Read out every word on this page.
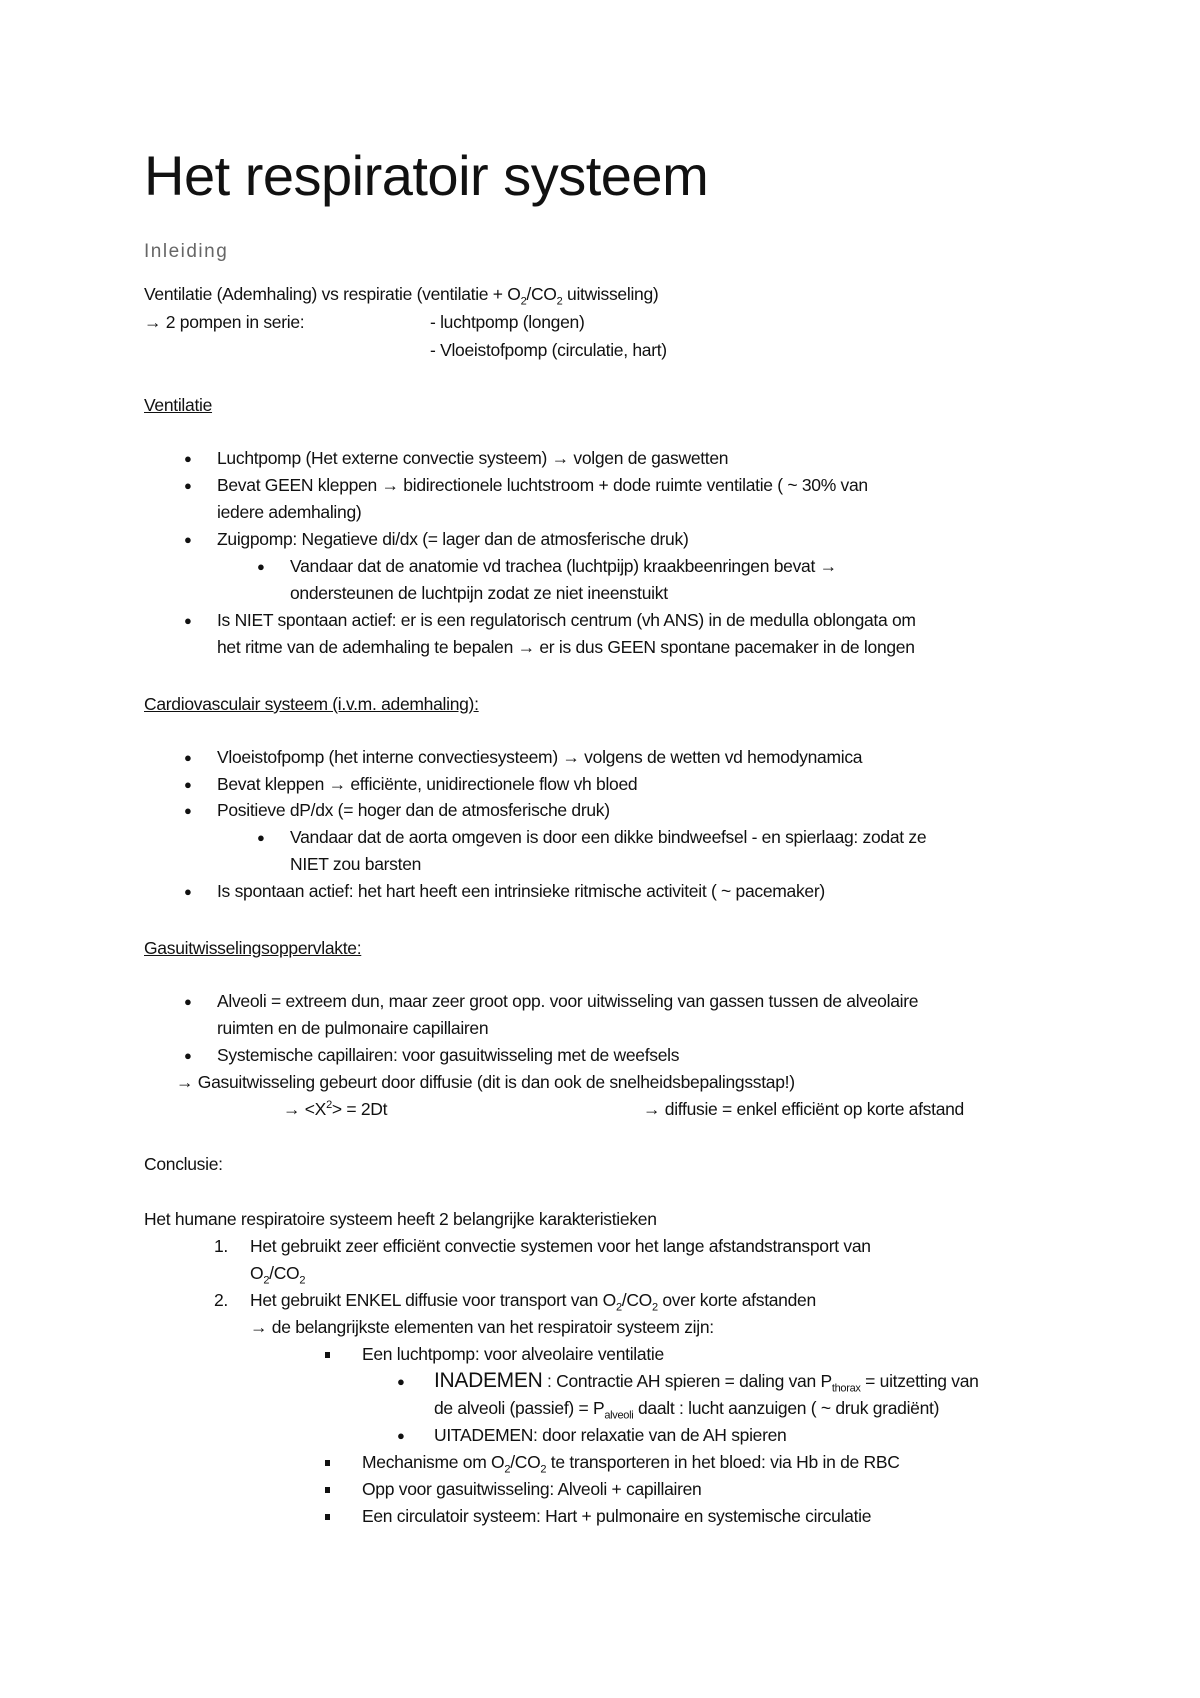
Het respiratoir systeem
Inleiding
Ventilatie (Ademhaling) vs respiratie (ventilatie + $O_2/CO_2$ uitwisseling)
→ 2 pompen in serie:	- luchtpomp (longen)
- Vloeistofpomp (circulatie, hart)
Ventilatie
● Luchtpomp (Het externe convectie systeem) → volgen de gaswetten
● Bevat GEEN kleppen → bidirectionele luchtstroom + dode ruimte ventilatie ( ~ 30% van
iedere ademhaling)
● Zuigpomp: Negatieve di/dx (= lager dan de atmosferische druk)
● Vandaar dat de anatomie vd trachea (luchtpijp) kraakbeenringen bevat →
ondersteunen de luchtpijn zodat ze niet ineenstuikt
● Is NIET spontaan actief: er is een regulatorisch centrum (vh ANS) in de medulla oblongata om
het ritme van de ademhaling te bepalen → er is dus GEEN spontane pacemaker in de longen
Cardiovasculair systeem (i.v.m. ademhaling):
● Vloeistofpomp (het interne convectiesysteem) → volgens de wetten vd hemodynamica
● Bevat kleppen → efficiënte, unidirectionele flow vh bloed
● Positieve dP/dx (= hoger dan de atmosferische druk)
● Vandaar dat de aorta omgeven is door een dikke bindweefsel - en spierlaag: zodat ze
NIET zou barsten
● Is spontaan actief: het hart heeft een intrinsieke ritmische activiteit ( ~ pacemaker)
Gasuitwisselingsoppervlakte:
● Alveoli = extreem dun, maar zeer groot opp. voor uitwisseling van gassen tussen de alveolaire
ruimten en de pulmonaire capillairen
● Systemische capillairen: voor gasuitwisseling met de weefsels
→ Gasuitwisseling gebeurt door diffusie (dit is dan ook de snelheidsbepalingsstap!)
→ $<X^2> = 2Dt$	→ diffusie = enkel efficiënt op korte afstand
Conclusie:
Het humane respiratoire systeem heeft 2 belangrijke karakteristieken
1. Het gebruikt zeer efficiënt convectie systemen voor het lange afstandstransport van
$O_2/CO_2$
2. Het gebruikt ENKEL diffusie voor transport van $O_2/CO_2$ over korte afstanden
→ de belangrijkste elementen van het respiratoir systeem zijn:
Een luchtpomp: voor alveolaire ventilatie
● INADEMEN : Contractie AH spieren = daling van $P_{thorax}$ = uitzetting van
de alveoli (passief) = $P_{alveoli}$ daalt : lucht aanzuigen ( ~ druk gradiënt)
● UITADEMEN: door relaxatie van de AH spieren
Mechanisme om $O_2/CO_2$ te transporteren in het bloed: via Hb in de RBC
Opp voor gasuitwisseling: Alveoli + capillairen
Een circulatoir systeem: Hart + pulmonaire en systemische circulatie
